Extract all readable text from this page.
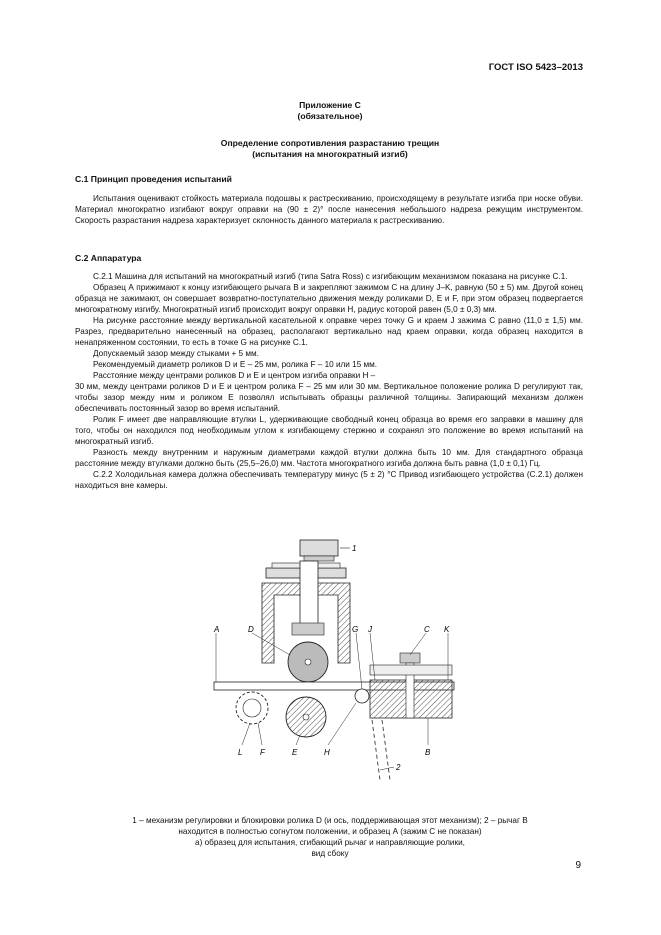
ГОСТ ISO 5423–2013
Приложение С
(обязательное)
Определение сопротивления разрастанию трещин
(испытания на многократный изгиб)
С.1 Принцип проведения испытаний

Испытания оценивают стойкость материала подошвы к растрескиванию, происходящему в результате изгиба при носке обуви. Материал многократно изгибают вокруг оправки на (90 ± 2)° после нанесения небольшого надреза режущим инструментом. Скорость разрастания надреза характеризует склонность данного материала к растрескиванию.

С.2 Аппаратура

С.2.1 Машина для испытаний на многократный изгиб (типа Satra Ross) с изгибающим механизмом показана на рисунке С.1.

Образец А прижимают к концу изгибающего рычага В и закрепляют зажимом С на длину J–K, равную (50 ± 5) мм. Другой конец образца не зажимают, он совершает возвратно-поступательно движения между роликами D, Е и F, при этом образец подвергается многократному изгибу. Многократный изгиб происходит вокруг оправки Н, радиус которой равен (5,0 ± 0,3) мм.

На рисунке расстояние между вертикальной касательной к оправке через точку G и краем J зажима С равно (11,0 ± 1,5) мм. Разрез, предварительно нанесенный на образец, располагают вертикально над краем оправки, когда образец находится в ненапряженном состоянии, то есть в точке G на рисунке С.1.

Допускаемый зазор между стыками + 5 мм.

Рекомендуемый диаметр роликов D и E – 25 мм, ролика F – 10 или 15 мм.

Расстояние между центрами роликов D и E и центром изгиба оправки Н –

30 мм, между центрами роликов D и E и центром ролика F – 25 мм или 30 мм. Вертикальное положение ролика D регулируют так, чтобы зазор между ним и роликом Е позволял испытывать образцы различной толщины. Запирающий механизм должен обеспечивать постоянный зазор во время испытаний.

Ролик F имеет две направляющие втулки L, удерживающие свободный конец образца во время его заправки в машину для того, чтобы он находился под необходимым углом к изгибающему стержню и сохранял это положение во время испытаний на многократный изгиб.

Разность между внутренним и наружным диаметрами каждой втулки должна быть 10 мм. Для стандартного образца расстояние между втулками должно быть (25,5–26,0) мм. Частота многократного изгиба должна быть равна (1,0 ± 0,1) Гц.

С.2.2 Холодильная камера должна обеспечивать температуру минус (5 ± 2) °С Привод изгибающего устройства (С.2.1) должен находиться вне камеры.

A	D	G J	C K
L F	E	H	B
1
2
1 – механизм регулировки и блокировки ролика D (и ось, поддерживающая этот механизм); 2 – рычаг В
находится в полностью согнутом положении, и образец А (зажим С не показан)
а) образец для испытания, сгибающий рычаг и направляющие ролики,
вид сбоку
9
